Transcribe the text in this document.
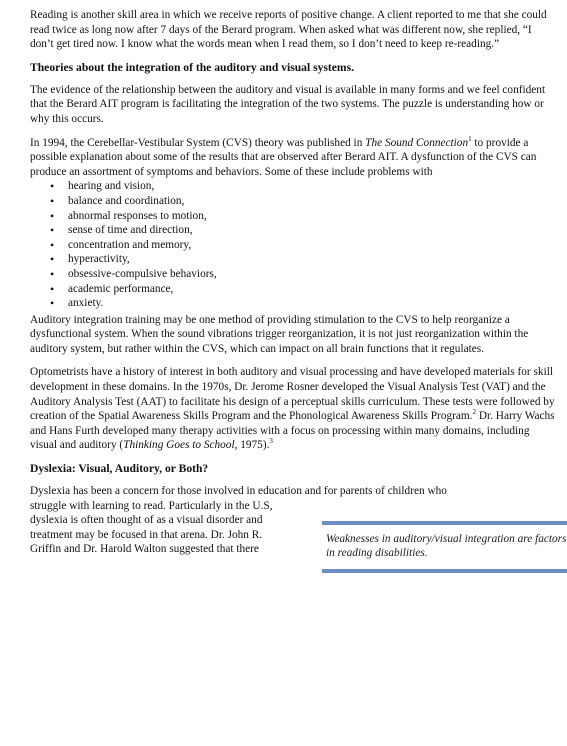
Reading is another skill area in which we receive reports of positive change. A client reported to me that she could read twice as long now after 7 days of the Berard program. When asked what was different now, she replied, “I don’t get tired now. I know what the words mean when I read them, so I don’t need to keep re-reading.”

Theories about the integration of the auditory and visual systems.

The evidence of the relationship between the auditory and visual is available in many forms and we feel confident that the Berard AIT program is facilitating the integration of the two systems. The puzzle is understanding how or why this occurs.

In 1994, the Cerebellar-Vestibular System (CVS) theory was published in The Sound Connection$^1$ to provide a possible explanation about some of the results that are observed after Berard AIT. A dysfunction of the CVS can produce an assortment of symptoms and behaviors. Some of these include problems with

• hearing and vision,
• balance and coordination,
• abnormal responses to motion,
• sense of time and direction,
• concentration and memory,
• hyperactivity,
• obsessive-compulsive behaviors,
• academic performance,
• anxiety.

Auditory integration training may be one method of providing stimulation to the CVS to help reorganize a dysfunctional system. When the sound vibrations trigger reorganization, it is not just reorganization within the auditory system, but rather within the CVS, which can impact on all brain functions that it regulates.

Optometrists have a history of interest in both auditory and visual processing and have developed materials for skill development in these domains. In the 1970s, Dr. Jerome Rosner developed the Visual Analysis Test (VAT) and the Auditory Analysis Test (AAT) to facilitate his design of a perceptual skills curriculum. These tests were followed by creation of the Spatial Awareness Skills Program and the Phonological Awareness Skills Program.$^2$ Dr. Harry Wachs and Hans Furth developed many therapy activities with a focus on processing within many domains, including visual and auditory (Thinking Goes to School, 1975).$^3$

Dyslexia: Visual, Auditory, or Both?

Dyslexia has been a concern for those involved in education and for parents of children who

struggle with learning to read. Particularly in the U.S, dyslexia is often thought of as a visual disorder and treatment may be focused in that arena. Dr. John R. Griffin and Dr. Harold Walton suggested that there

Weaknesses in auditory/visual integration are factors in reading disabilities.
